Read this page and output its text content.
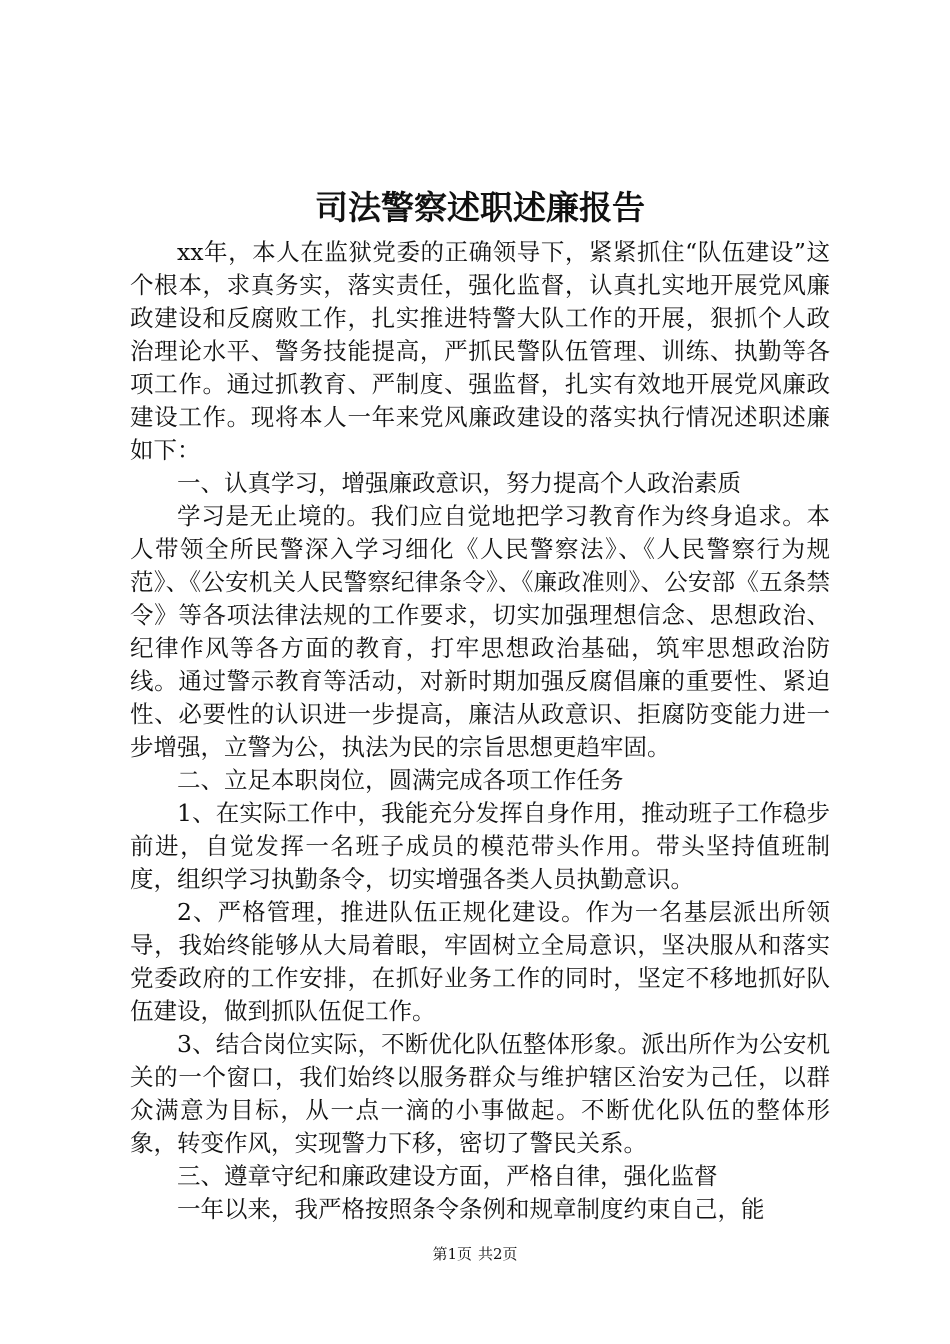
司法警察述职述廉报告

xx年，本人在监狱党委的正确领导下，紧紧抓住“队伍建设”这个根本，求真务实，落实责任，强化监督，认真扎实地开展党风廉政建设和反腐败工作，扎实推进特警大队工作的开展，狠抓个人政治理论水平、警务技能提高，严抓民警队伍管理、训练、执勤等各项工作。通过抓教育、严制度、强监督，扎实有效地开展党风廉政建设工作。现将本人一年来党风廉政建设的落实执行情况述职述廉如下：

一、认真学习，增强廉政意识，努力提高个人政治素质

学习是无止境的。我们应自觉地把学习教育作为终身追求。本人带领全所民警深入学习细化《人民警察法》、《人民警察行为规范》、《公安机关人民警察纪律条令》、《廉政准则》、公安部《五条禁令》等各项法律法规的工作要求，切实加强理想信念、思想政治、纪律作风等各方面的教育，打牢思想政治基础，筑牢思想政治防线。通过警示教育等活动，对新时期加强反腐倡廉的重要性、紧迫性、必要性的认识进一步提高，廉洁从政意识、拒腐防变能力进一步增强，立警为公，执法为民的宗旨思想更趋牢固。

二、立足本职岗位，圆满完成各项工作任务

1、在实际工作中，我能充分发挥自身作用，推动班子工作稳步前进，自觉发挥一名班子成员的模范带头作用。带头坚持值班制度，组织学习执勤条令，切实增强各类人员执勤意识。

2、严格管理，推进队伍正规化建设。作为一名基层派出所领导，我始终能够从大局着眼，牢固树立全局意识，坚决服从和落实党委政府的工作安排，在抓好业务工作的同时，坚定不移地抓好队伍建设，做到抓队伍促工作。

3、结合岗位实际，不断优化队伍整体形象。派出所作为公安机关的一个窗口，我们始终以服务群众与维护辖区治安为己任，以群众满意为目标，从一点一滴的小事做起。不断优化队伍的整体形象，转变作风，实现警力下移，密切了警民关系。

三、遵章守纪和廉政建设方面，严格自律，强化监督

一年以来，我严格按照条令条例和规章制度约束自己，能

第1页 共2页
